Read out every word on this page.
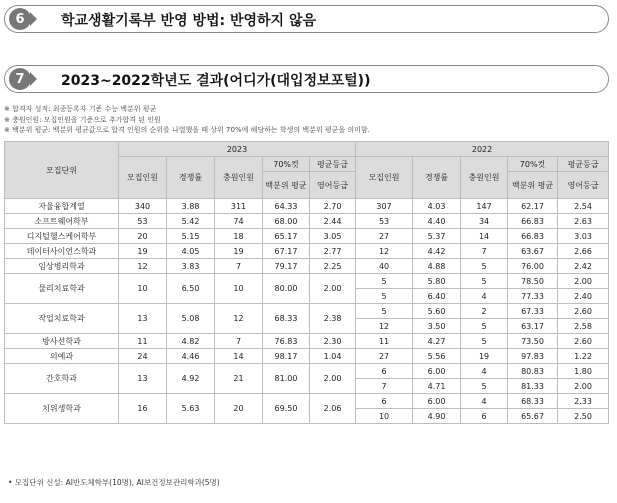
6	학교생활기록부 반영 방법: 반영하지 않음
7	2023~2022학년도 결과(어디가(대입정보포털))
※ 합격자 성적: 최종등록자 기준 수능 백분위 평균
※ 충원인원: 모집인원을 기준으로 추가합격 된 인원
※ 백분위 평균: 백분위 평균값으로 합격 인원의 순위를 나열했을 때 상위 70%에 해당하는 학생의 백분위 평균을 의미함.
모집단위	2023					2022				
	모집인원	경쟁률	충원인원	70%컷	평균등급	모집인원	경쟁률	충원인원	70%컷	평균등급
				백분위 평균	영어등급				백분위 평균	영어등급
자율융합계열	340	3.88	311	64.33	2.70	307	4.03	147	62.17	2.54
소프트웨어학부	53	5.42	74	68.00	2.44	53	4.40	34	66.83	2.63
디지털헬스케어학부	20	5.15	18	65.17	3.05	27	5.37	14	66.83	3.03
데이터사이언스학과	19	4.05	19	67.17	2.77	12	4.42	7	63.67	2.66
임상병리학과	12	3.83	7	79.17	2.25	40	4.88	5	76.00	2.42
물리치료학과	10	6.50	10	80.00	2.00	5	5.80	5	78.50	2.00
						5	6.40	4	77.33	2.40
작업치료학과	13	5.08	12	68.33	2.38	5	5.60	2	67.33	2.60
						12	3.50	5	63.17	2.58
방사선학과	11	4.82	7	76.83	2.30	11	4.27	5	73.50	2.60
의예과	24	4.46	14	98.17	1.04	27	5.56	19	97.83	1.22
간호학과	13	4.92	21	81.00	2.00	6	6.00	4	80.83	1.80
						7	4.71	5	81.33	2.00
치위생학과	16	5.63	20	69.50	2.06	6	6.00	4	68.33	2.33
						10	4.90	6	65.67	2.50
• 모집단위 신설: AI반도체학부(10명), AI보건정보관리학과(5명)
